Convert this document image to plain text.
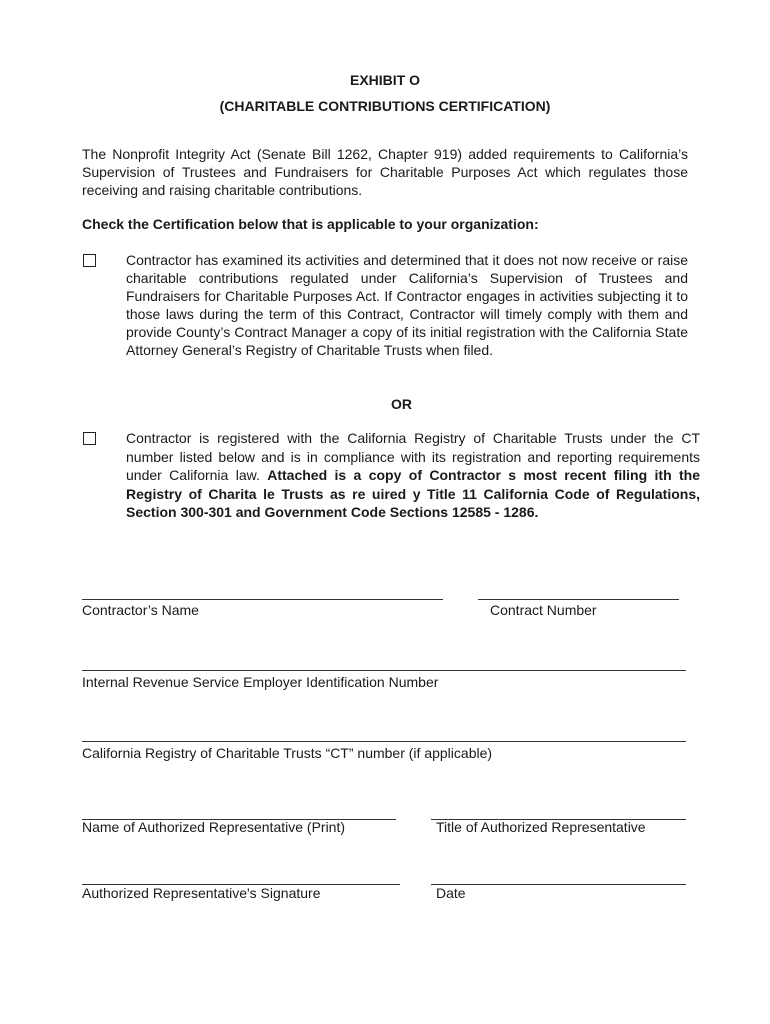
EXHIBIT O
(CHARITABLE CONTRIBUTIONS CERTIFICATION)
The Nonprofit Integrity Act (Senate Bill 1262, Chapter 919) added requirements to California’s Supervision of Trustees and Fundraisers for Charitable Purposes Act which regulates those receiving and raising charitable contributions.
Check the Certification below that is applicable to your organization:
Contractor has examined its activities and determined that it does not now receive or raise charitable contributions regulated under California’s Supervision of Trustees and Fundraisers for Charitable Purposes Act. If Contractor engages in activities subjecting it to those laws during the term of this Contract, Contractor will timely comply with them and provide County’s Contract Manager a copy of its initial registration with the California State Attorney General’s Registry of Charitable Trusts when filed.
OR
Contractor is registered with the California Registry of Charitable Trusts under the CT number listed below and is in compliance with its registration and reporting requirements under California law. Attached is a copy of Contractor s most recent filing ith the Registry of Charita le Trusts as re uired y Title 11 California Code of Regulations, Section 300-301 and Government Code Sections 12585 - 1286.
Contractor’s Name	Contract Number
Internal Revenue Service Employer Identification Number
California Registry of Charitable Trusts “CT” number (if applicable)
Name of Authorized Representative (Print)	Title of Authorized Representative
Authorized Representative's Signature	Date
